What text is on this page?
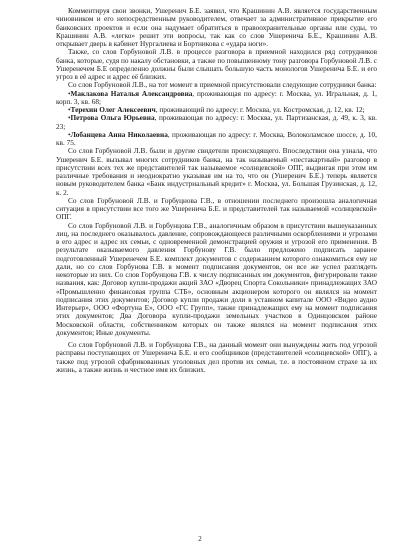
Комментируя свои звонки, Ушеренич Б.Е. заявил, что Крашинин А.В. является государственным чиновником и его непосредственным руководителем, отвечает за административное прикрытие его банковских проектов и если она надумает обратиться в правоохранительные органы или суды, то Крашинин А.В. «легко» решит эти вопросы, так как со слов Ушеренича Б.Е., Крашинин А.В. открывает дверь в кабинет Нургалиева и Бортникова с «удара ноги».

Также, со слов Горбуновой Л.В. в процессе разговора в приемной находился ряд сотрудников банка, которые, судя по накалу обстановки, а также по повышенному тону разговора Горбуновой Л.В. с Ушеренечем Б.Е определенно должны были слышать большую часть монологов Ушеренича Б.Е. и его угроз в её адрес и адрес её близких.

Со слов Горбуновой Л.В., на тот момент в приемной присутствовали следующие сотрудники банка:

•Маклакова Наталья Александровна, проживающая по адресу: г. Москва, ул. Игральная, д. 1, корп. 3, кв. 68;

•Терехин Олег Алексеевич, проживающий по адресу: г. Москва, ул. Костромская, д. 12, кв. 12;

•Петрова Ольга Юрьевна, проживающая по адресу: г. Москва, ул. Партизанская, д. 49, к. 3, кв. 23;

•Лобанцева Анна Николаевна, проживающая по адресу: г. Москва, Волоколамское шоссе, д. 10, кв. 75.

Со слов Горбуновой Л.В. были и другие свидетели происходящего. Впоследствии она узнала, что Ушеренич Б.Е. вызывал многих сотрудников банка, на так называемый «пестакартный» разговор в присутствии всех тех же представителей так называемое «солнцевской» ОПГ, выдвигая при этом им различные требования и неоднократно указывая им на то, что он (Ушеренич Б.Е.) теперь является новым руководителем банка «Банк индустриальный кредит» г. Москва, ул. Большая Грузинская, д. 12, к. 2.

Со слов Горбуновой Л.В. и Горбуцнова Г.В., в отношении последнего произошла аналогичная ситуация в присутствии все того же Ушеренича Б.Е. и представителей так называемой «солнцевской» ОПГ.

Со слов Горбуновой Л.В. и Горбунцова Г.В., аналогичным образом в присутствии вышеуказанных лиц, на последнего оказывалось давление, сопровождающееся различными оскорблениями и угрозами в его адрес и адрес их семьи, с одновременной демонстрацией оружия и угрозой его применения. В результате оказываемого давления Горбунову Г.В. было предложено подписать заранее подготовленный Ушеренечем Б.Е. комплект документов с содержанием которого ознакомиться ему не дали, но со слов Горбунова Г.В. в момент подписания документов, он все же успел разглядеть некоторые из них. Со слов Горбунцова Г.В. к числу подписанных им документов, фигурировали такие названия, как: Договор купли-продажи акций ЗАО «Дворец Спорта Сокольники» принадлежащих ЗАО «Промышленно финансовая группа СТБ», основным акционером которого он являлся на момент подписания этих документов; Договор купли продажи доли в уставном капитале ООО «Видео аудио Интерьер», ООО «Фортуна Е», ООО «ГС Групп», также принадлежащих ему на момент подписания этих документов; Два Договора купли-продажи земельных участков в Одинцовском районе Московской области, собственником которых он также являлся на момент подписания этих документов; Иные документы.

Со слов Горбуновой Л.В. и Горбунцова Г.В., на данный момент они вынуждены жить под угрозой расправы поступающих от Ушеренича Б.Е. и его сообщников (представителей «солнцевской» ОПГ), а также под угрозой сфабрикованных уголовных дел против их семьи, т.е. в постоянном страхе за их жизнь, а также жизнь и честное имя их близких.

2
